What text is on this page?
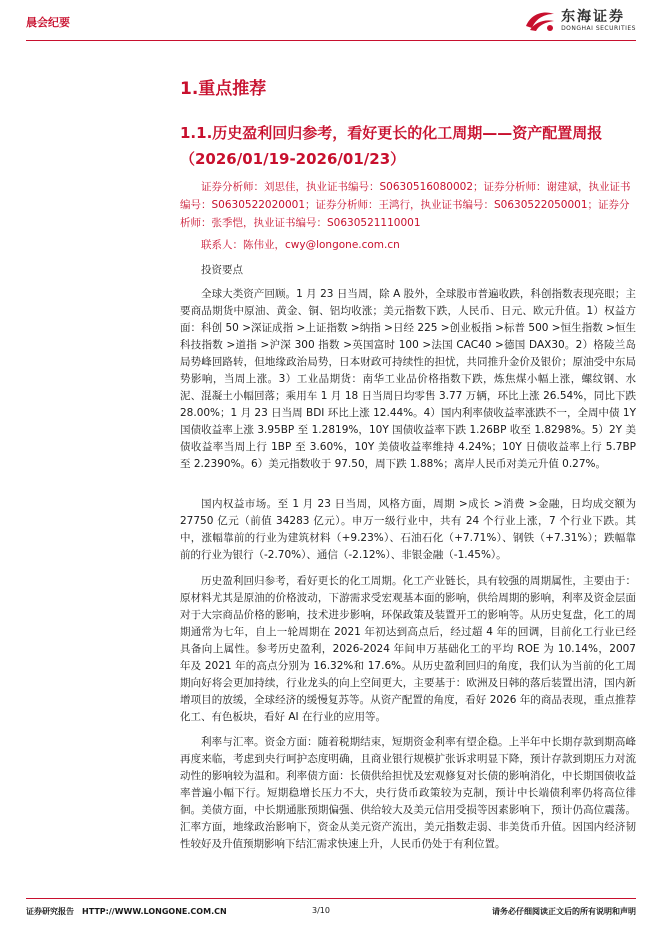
晨会纪要	东海证券
DONGHAI SECURITIES
1.重点推荐
1.1.历史盈利回归参考，看好更长的化工周期——资产配置周报（2026/01/19-2026/01/23）
证券分析师：刘思佳，执业证书编号：S0630516080002；证券分析师：谢建斌，执业证书编号：S0630522020001；证券分析师：王鸿行，执业证书编号：S0630522050001；证券分析师：张季恺，执业证书编号：S0630521110001
联系人：陈伟业，cwy@longone.com.cn
投资要点

全球大类资产回顾。1 月 23 日当周，除 A 股外，全球股市普遍收跌，科创指数表现亮眼；主要商品期货中原油、黄金、铜、铝均收涨；美元指数下跌，人民币、日元、欧元升值。1）权益方面：科创 50 >深证成指 >上证指数 >纳指 >日经 225 >创业板指 >标普 500 >恒生指数 >恒生科技指数 >道指 >沪深 300 指数 >英国富时 100 >法国 CAC40 >德国 DAX30。2）格陵兰岛局势峰回路转，但地缘政治局势，日本财政可持续性的担忧，共同推升金价及银价；原油受中东局势影响，当周上涨。3）工业品期货：南华工业品价格指数下跌，炼焦煤小幅上涨，螺纹钢、水泥、混凝土小幅回落；乘用车 1 月 18 日当周日均零售 3.77 万辆，环比上涨 26.54%，同比下跌 28.00%；1 月 23 日当周 BDI 环比上涨 12.44%。4）国内利率债收益率涨跌不一，全周中债 1Y 国债收益率上涨 3.95BP 至 1.2819%，10Y 国债收益率下跌 1.26BP 收至 1.8298%。5）2Y 美债收益率当周上行 1BP 至 3.60%，10Y 美债收益率维持 4.24%；10Y 日债收益率上行 5.7BP 至 2.2390%。6）美元指数收于 97.50，周下跌 1.88%；离岸人民币对美元升值 0.27%。

国内权益市场。至 1 月 23 日当周，风格方面，周期 >成长 >消费 >金融，日均成交额为 27750 亿元（前值 34283 亿元）。申万一级行业中，共有 24 个行业上涨，7 个行业下跌。其中，涨幅靠前的行业为建筑材料（+9.23%）、石油石化（+7.71%）、钢铁（+7.31%）；跌幅靠前的行业为银行（-2.70%）、通信（-2.12%）、非银金融（-1.45%）。

历史盈利回归参考，看好更长的化工周期。化工产业链长，具有较强的周期属性，主要由于：原材料尤其是原油的价格波动，下游需求受宏观基本面的影响，供给周期的影响，利率及资金层面对于大宗商品价格的影响，技术进步影响，环保政策及装置开工的影响等。从历史复盘，化工的周期通常为七年，自上一轮周期在 2021 年初达到高点后，经过超 4 年的回调，目前化工行业已经具备向上属性。参考历史盈利，2026-2024 年间申万基础化工的平均 ROE 为 10.14%，2007 年及 2021 年的高点分别为 16.32%和 17.6%。从历史盈利回归的角度，我们认为当前的化工周期向好将会更加持续，行业龙头的向上空间更大，主要基于：欧洲及日韩的落后装置出清，国内新增项目的放缓，全球经济的缓慢复苏等。从资产配置的角度，看好 2026 年的商品表现，重点推荐化工、有色板块，看好 AI 在行业的应用等。

利率与汇率。资金方面：随着税期结束，短期资金利率有望企稳。上半年中长期存款到期高峰再度来临，考虑到央行呵护态度明确，且商业银行规模扩张诉求明显下降，预计存款到期压力对流动性的影响较为温和。利率债方面：长债供给担忧及宏观修复对长债的影响消化，中长期国债收益率普遍小幅下行。短期稳增长压力不大，央行货币政策较为克制，预计中长端债利率仍将高位徘徊。美债方面，中长期通胀预期偏强、供给较大及美元信用受损等因素影响下，预计仍高位震荡。汇率方面，地缘政治影响下，资金从美元资产流出，美元指数走弱、非美货币升值。因国内经济韧性较好及升值预期影响下结汇需求快速上升，人民币仍处于有利位置。

证券研究报告　HTTP://WWW.LONGONE.COM.CN	3/10	请务必仔细阅读正文后的所有说明和声明
